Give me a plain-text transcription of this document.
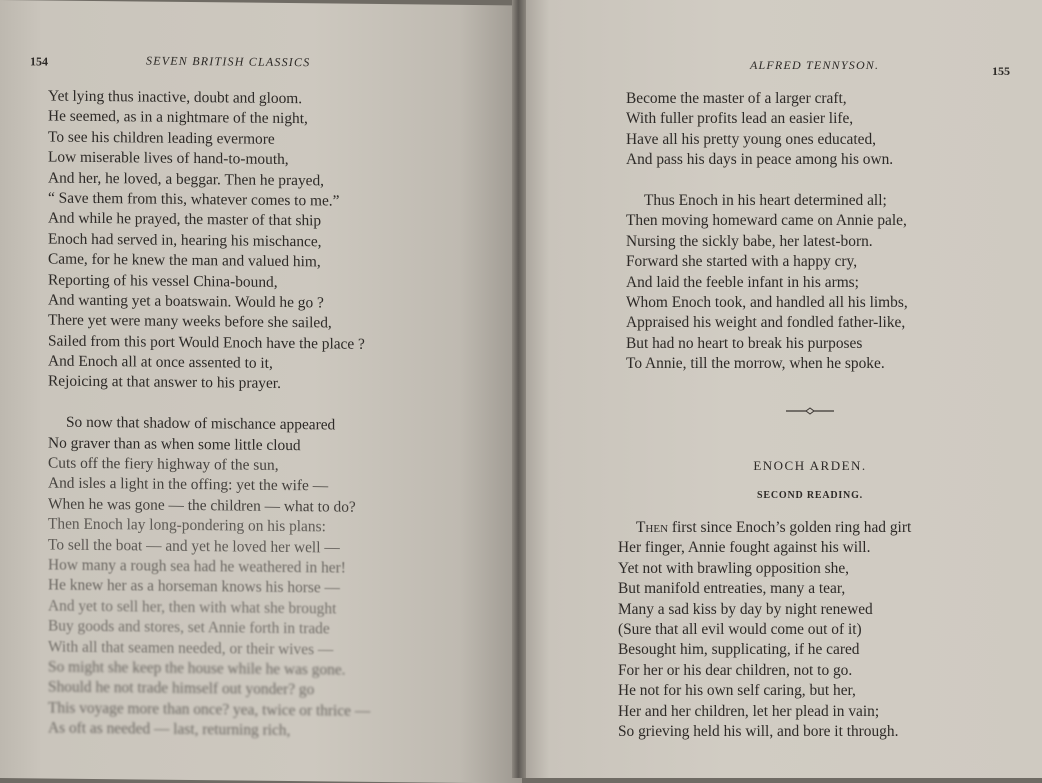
154	SEVEN BRITISH CLASSICS
Yet lying thus inactive, doubt and gloom.
He seemed, as in a nightmare of the night,
To see his children leading evermore
Low miserable lives of hand-to-mouth,
And her, he loved, a beggar. Then he prayed,
“ Save them from this, whatever comes to me.”
And while he prayed, the master of that ship
Enoch had served in, hearing his mischance,
Came, for he knew the man and valued him,
Reporting of his vessel China-bound,
And wanting yet a boatswain. Would he go ?
There yet were many weeks before she sailed,
Sailed from this port Would Enoch have the place ?
And Enoch all at once assented to it,
Rejoicing at that answer to his prayer.
So now that shadow of mischance appeared
No graver than as when some little cloud
Cuts off the fiery highway of the sun,
And isles a light in the offing: yet the wife —
When he was gone — the children — what to do?
Then Enoch lay long-pondering on his plans:
To sell the boat — and yet he loved her well —
How many a rough sea had he weathered in her!
He knew her as a horseman knows his horse —
And yet to sell her, then with what she brought
Buy goods and stores, set Annie forth in trade
With all that seamen needed, or their wives —
So might she keep the house while he was gone.
Should he not trade himself out yonder? go
This voyage more than once? yea, twice or thrice —
As oft as needed — last, returning rich,
ALFRED TENNYSON.	155
Become the master of a larger craft,
With fuller profits lead an easier life,
Have all his pretty young ones educated,
And pass his days in peace among his own.
Thus Enoch in his heart determined all;
Then moving homeward came on Annie pale,
Nursing the sickly babe, her latest-born.
Forward she started with a happy cry,
And laid the feeble infant in his arms;
Whom Enoch took, and handled all his limbs,
Appraised his weight and fondled father-like,
But had no heart to break his purposes
To Annie, till the morrow, when he spoke.
ENOCH ARDEN.
SECOND READING.
Then first since Enoch’s golden ring had girt
Her finger, Annie fought against his will.
Yet not with brawling opposition she,
But manifold entreaties, many a tear,
Many a sad kiss by day by night renewed
(Sure that all evil would come out of it)
Besought him, supplicating, if he cared
For her or his dear children, not to go.
He not for his own self caring, but her,
Her and her children, let her plead in vain;
So grieving held his will, and bore it through.
